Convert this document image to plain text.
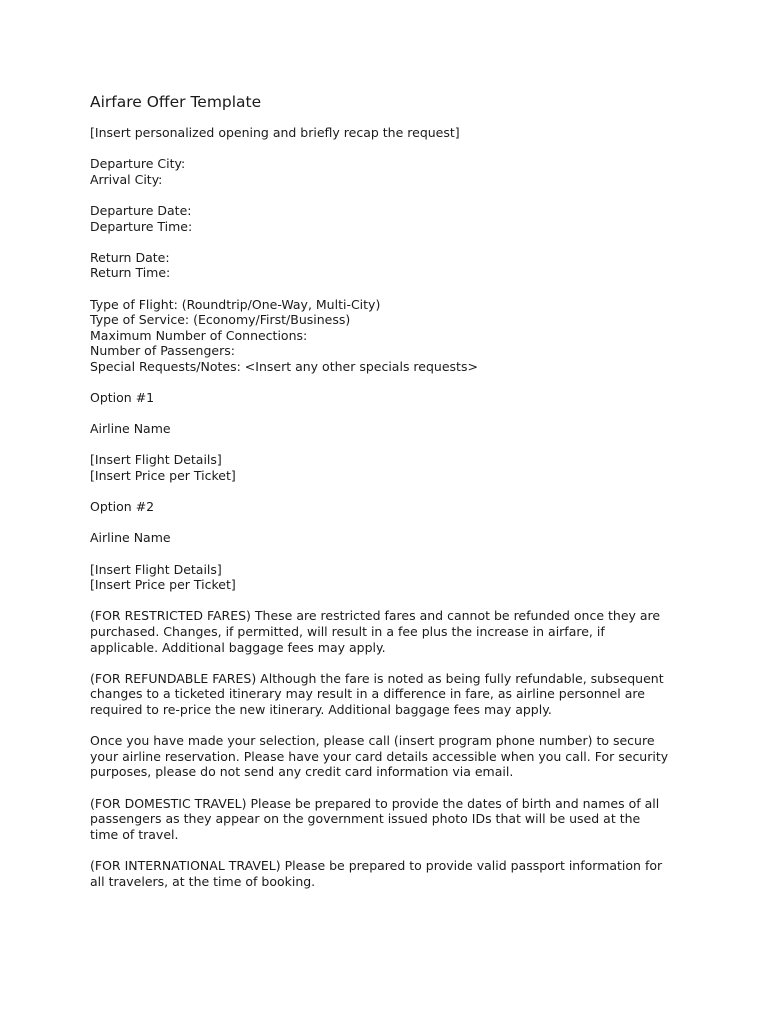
Airfare Offer Template
[Insert personalized opening and briefly recap the request]
Departure City:
Arrival City:
Departure Date:
Departure Time:
Return Date:
Return Time:
Type of Flight: (Roundtrip/One-Way, Multi-City)
Type of Service: (Economy/First/Business)
Maximum Number of Connections:
Number of Passengers:
Special Requests/Notes: <Insert any other specials requests>
Option #1
Airline Name
[Insert Flight Details]
[Insert Price per Ticket]
Option #2
Airline Name
[Insert Flight Details]
[Insert Price per Ticket]
(FOR RESTRICTED FARES) These are restricted fares and cannot be refunded once they are
purchased. Changes, if permitted, will result in a fee plus the increase in airfare, if
applicable. Additional baggage fees may apply.
(FOR REFUNDABLE FARES) Although the fare is noted as being fully refundable, subsequent
changes to a ticketed itinerary may result in a difference in fare, as airline personnel are
required to re-price the new itinerary. Additional baggage fees may apply.
Once you have made your selection, please call (insert program phone number) to secure
your airline reservation. Please have your card details accessible when you call. For security
purposes, please do not send any credit card information via email.
(FOR DOMESTIC TRAVEL) Please be prepared to provide the dates of birth and names of all
passengers as they appear on the government issued photo IDs that will be used at the
time of travel.
(FOR INTERNATIONAL TRAVEL) Please be prepared to provide valid passport information for
all travelers, at the time of booking.
